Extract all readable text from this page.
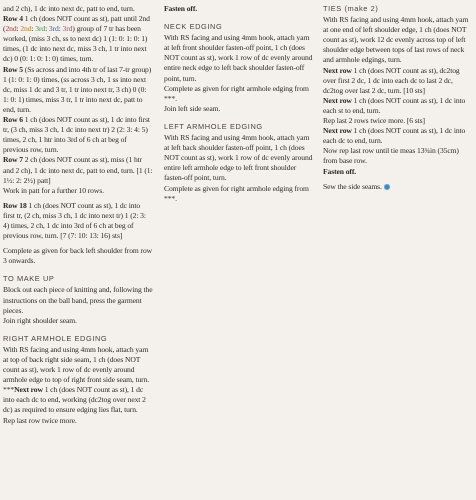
and 2 ch), 1 dc into next dc, patt to end, turn.

Row 4 1 ch (does NOT count as st), patt until 2nd (2nd: 2nd: 3rd: 3rd: 3rd) group of 7 tr has been worked, (miss 3 ch, ss to next dc) 1 (1: 0: 1: 0: 1) times, (1 dc into next dc, miss 3 ch, 1 tr into next dc) 0 (0: 1: 0: 1: 0) times, turn.

Row 5 (Ss across and into 4th tr of last 7-tr group) 1 (1: 0: 1: 0) times, (ss across 3 ch, 1 ss into next dc, miss 1 dc and 3 tr, 1 tr into next tr, 3 ch) 0 (0: 1: 0: 1) times, miss 3 tr, 1 tr into next dc, patt to end, turn.

Row 6 1 ch (does NOT count as st), 1 dc into first tr, (3 ch, miss 3 ch, 1 dc into next tr) 2 (2: 3: 4: 5) times, 2 ch, 1 htr into 3rd of 6 ch at beg of previous row, turn.

Row 7 2 ch (does NOT count as st), miss (1 htr and 2 ch), 1 dc into next dc, patt to end, turn. [1 (1: 1½: 2: 2½) patt]

Work in patt for a further 10 rows.

Row 18 1 ch (does NOT count as st), 1 dc into first tr, (2 ch, miss 3 ch, 1 dc into next tr) 1 (2: 3: 4) times, 2 ch, 1 dc into 3rd of 6 ch at beg of previous row, turn. [7 (7: 10: 13: 16) sts]

Complete as given for back left shoulder from row 3 onwards.

TO MAKE UP

Block out each piece of knitting and, following the instructions on the ball band, press the garment pieces.

Join right shoulder seam.

RIGHT ARMHOLE EDGING

With RS facing and using 4mm hook, attach yarn at top of back right side seam, 1 ch (does NOT count as st), work 1 row of dc evenly around armhole edge to top of right front side seam, turn.

***Next row 1 ch (does NOT count as st), 1 dc into each dc to end, working (dc2tog over next 2 dc) as required to ensure edging lies flat, turn.

Rep last row twice more.

Fasten off.

NECK EDGING

With RS facing and using 4mm hook, attach yarn at left front shoulder fasten-off point, 1 ch (does NOT count as st), work 1 row of dc evenly around entire neck edge to left back shoulder fasten-off point, turn.

Complete as given for right armhole edging from ***.

Join left side seam.

LEFT ARMHOLE EDGING

With RS facing and using 4mm hook, attach yarn at left back shoulder fasten-off point, 1 ch (does NOT count as st), work 1 row of dc evenly around entire left armhole edge to left front shoulder fasten-off point, turn.

Complete as given for right armhole edging from ***.

TIES (make 2)

With RS facing and using 4mm hook, attach yarn at one end of left shoulder edge, 1 ch (does NOT count as st), work 12 dc evenly across top of left shoulder edge between tops of last rows of neck and armhole edgings, turn.

Next row 1 ch (does NOT count as st), dc2tog over first 2 dc, 1 dc into each dc to last 2 dc, dc2tog over last 2 dc, turn. [10 sts]

Next row 1 ch (does NOT count as st), 1 dc into each st to end, turn.

Rep last 2 rows twice more. [6 sts]

Next row 1 ch (does NOT count as st), 1 dc into each dc to end, turn.

Now rep last row until tie meas 13¾in (35cm) from base row.

Fasten off.

Sew the side seams.
